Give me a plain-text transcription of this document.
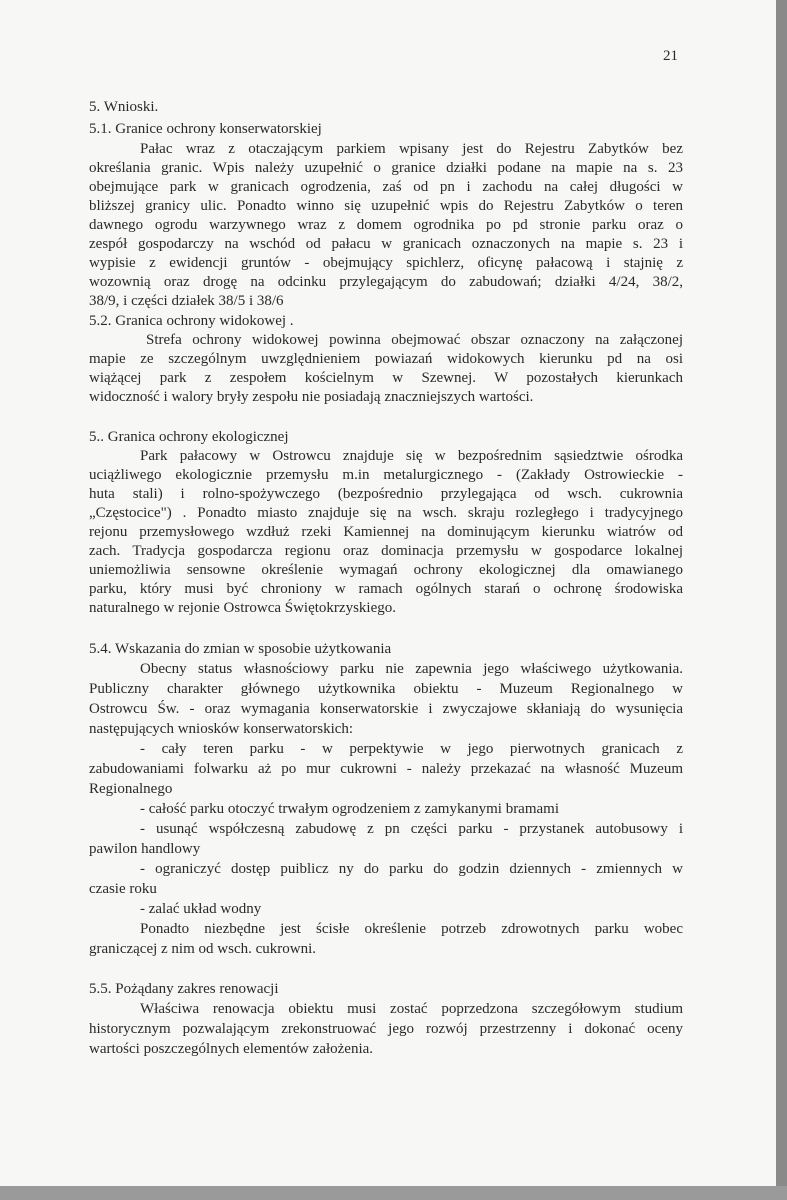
21

5. Wnioski.

5.1. Granice ochrony konserwatorskiej

Pałac wraz z otaczającym parkiem wpisany jest do Rejestru Zabytków bez

określania granic. Wpis należy uzupełnić o granice działki podane na mapie na s. 23

obejmujące park w granicach ogrodzenia, zaś od pn i zachodu na całej długości w

bliższej granicy ulic. Ponadto winno się uzupełnić wpis do Rejestru Zabytków o teren

dawnego ogrodu warzywnego wraz z domem ogrodnika po pd stronie parku oraz o

zespół gospodarczy na wschód od pałacu w granicach oznaczonych na mapie s. 23 i

wypisie z ewidencji gruntów - obejmujący spichlerz, oficynę pałacową i stajnię z

wozownią oraz drogę na odcinku przylegającym do zabudowań; działki 4/24, 38/2,

38/9, i części działek 38/5 i 38/6

5.2. Granica ochrony widokowej .

Strefa ochrony widokowej powinna obejmować obszar oznaczony na załączonej

mapie ze szczególnym uwzględnieniem powiazań widokowych kierunku pd na osi

wiążącej park z zespołem kościelnym w Szewnej. W pozostałych kierunkach

widoczność i walory bryły zespołu nie posiadają znaczniejszych wartości.

5.. Granica ochrony ekologicznej

Park pałacowy w Ostrowcu znajduje się w bezpośrednim sąsiedztwie ośrodka

uciążliwego ekologicznie przemysłu m.in metalurgicznego - (Zakłady Ostrowieckie -

huta stali) i rolno-spożywczego (bezpośrednio przylegająca od wsch. cukrownia

„Częstocice") . Ponadto miasto znajduje się na wsch. skraju rozległego i tradycyjnego

rejonu przemysłowego wzdłuż rzeki Kamiennej na dominującym kierunku wiatrów od

zach. Tradycja gospodarcza regionu oraz dominacja przemysłu w gospodarce lokalnej

uniemożliwia sensowne określenie wymagań ochrony ekologicznej dla omawianego

parku, który musi być chroniony w ramach ogólnych starań o ochronę środowiska

naturalnego w rejonie Ostrowca Świętokrzyskiego.

5.4. Wskazania do zmian w sposobie użytkowania

Obecny status własnościowy parku nie zapewnia jego właściwego użytkowania.

Publiczny charakter głównego użytkownika obiektu - Muzeum Regionalnego w

Ostrowcu Św. - oraz wymagania konserwatorskie i zwyczajowe skłaniają do wysunięcia

następujących wniosków konserwatorskich:

- cały teren parku - w perpektywie w jego pierwotnych granicach z

zabudowaniami folwarku aż po mur cukrowni - należy przekazać na własność Muzeum

Regionalnego

- całość parku otoczyć trwałym ogrodzeniem z zamykanymi bramami

- usunąć współczesną zabudowę z pn części parku - przystanek autobusowy i

pawilon handlowy

- ograniczyć dostęp puiblicz ny do parku do godzin dziennych - zmiennych w

czasie roku

- zalać układ wodny

Ponadto niezbędne jest ścisłe określenie potrzeb zdrowotnych parku wobec

graniczącej z nim od wsch. cukrowni.

5.5. Pożądany zakres renowacji

Właściwa renowacja obiektu musi zostać poprzedzona szczegółowym studium

historycznym pozwalającym zrekonstruować jego rozwój przestrzenny i dokonać oceny

wartości poszczególnych elementów założenia.
